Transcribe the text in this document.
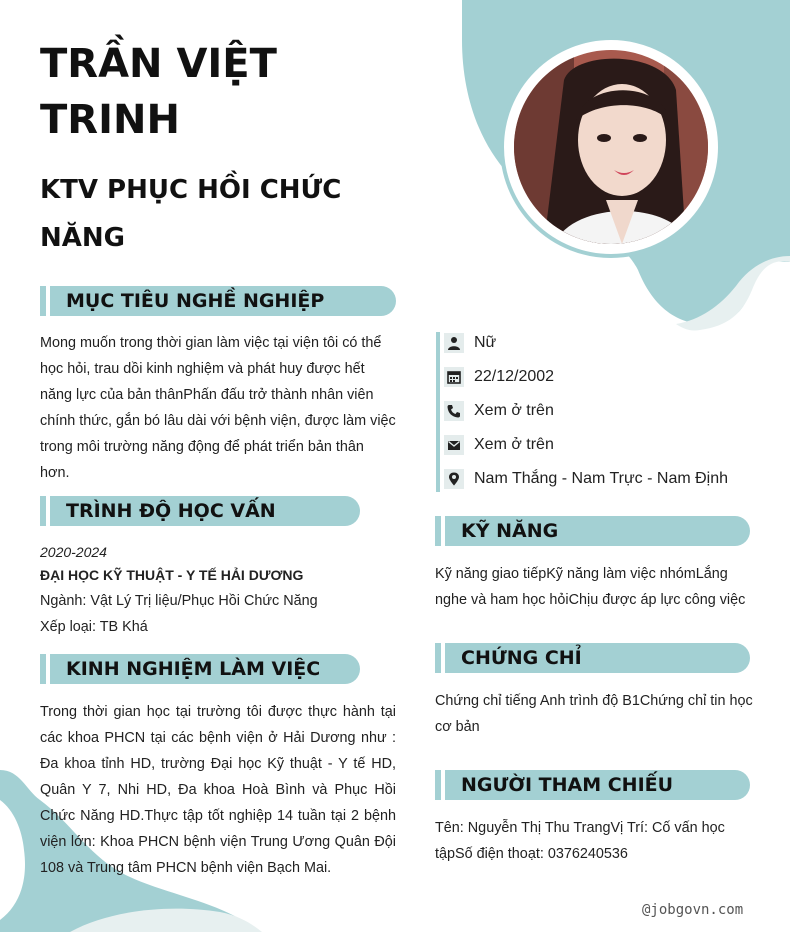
TRẦN VIỆT
TRINH
KTV PHỤC HỒI CHỨC
NĂNG
MỤC TIÊU NGHỀ NGHIỆP

Mong muốn trong thời gian làm việc tại viện tôi có thể học hỏi, trau dồi kinh nghiệm và phát huy được hết năng lực của bản thânPhấn đấu trở thành nhân viên chính thức, gắn bó lâu dài với bệnh viện, được làm việc trong môi trường năng động để phát triển bản thân hơn.

TRÌNH ĐỘ HỌC VẤN
2020-2024
ĐẠI HỌC KỸ THUẬT - Y TẾ HẢI DƯƠNG
Ngành: Vật Lý Trị liệu/Phục Hồi Chức Năng
Xếp loại: TB Khá
KINH NGHIỆM LÀM VIỆC

Trong thời gian học tại trường tôi được thực hành tại các khoa PHCN tại các bệnh viện ở Hải Dương như : Đa khoa tỉnh HD, trường Đại học Kỹ thuật - Y tế HD, Quân Y 7, Nhi HD, Đa khoa Hoà Bình và Phục Hồi Chức Năng HD.Thực tập tốt nghiệp 14 tuần tại 2 bệnh viện lớn: Khoa PHCN bệnh viện Trung Ương Quân Đội 108 và Trung tâm PHCN bệnh viện Bạch Mai.

Nữ
22/12/2002
Xem ở trên
Xem ở trên
Nam Thắng - Nam Trực - Nam Định
KỸ NĂNG

Kỹ năng giao tiếpKỹ năng làm việc nhómLắng nghe và ham học hỏiChịu được áp lực công việc

CHỨNG CHỈ

Chứng chỉ tiếng Anh trình độ B1Chứng chỉ tin học cơ bản

NGƯỜI THAM CHIẾU

Tên: Nguyễn Thị Thu TrangVị Trí: Cố vấn học tậpSố điện thoạt: 0376240536

@jobgovn.com
